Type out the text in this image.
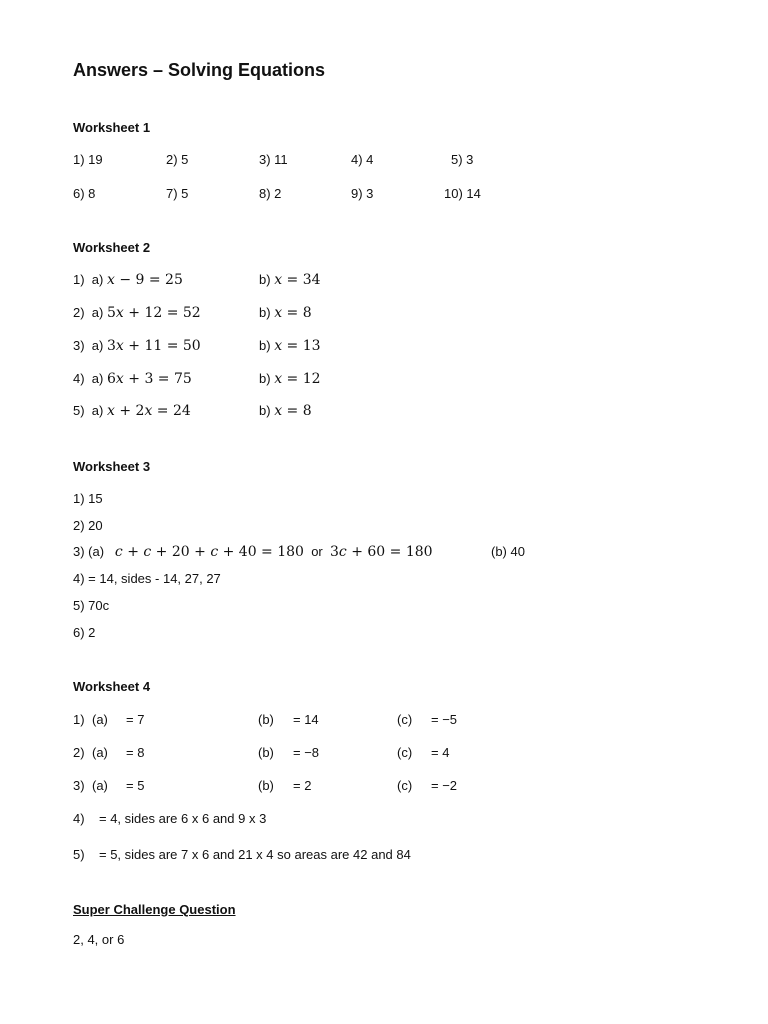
Answers – Solving Equations
Worksheet 1
1) 19	2) 5	3) 11	4) 4	5) 3
6) 8	7) 5	8) 2	9) 3	10) 14
Worksheet 2
1) a) x − 9 = 25	b) x = 34
2) a) 5x + 12 = 52	b) x = 8
3) a) 3x + 11 = 50	b) x = 13
4) a) 6x + 3 = 75	b) x = 12
5) a) x + 2x = 24	b) x = 8
Worksheet 3
1) 15
2) 20
3) (a) c + c + 20 + c + 40 = 180 or 3c + 60 = 180	(b) 40
4) = 14, sides - 14, 27, 27
5) 70c
6) 2
Worksheet 4
1) (a) = 7	(b) = 14	(c) = −5
2) (a) = 8	(b) = −8	(c) = 4
3) (a) = 5	(b) = 2	(c) = −2
4) = 4, sides are 6 x 6 and 9 x 3
5) = 5, sides are 7 x 6 and 21 x 4 so areas are 42 and 84
Super Challenge Question
2, 4, or 6
